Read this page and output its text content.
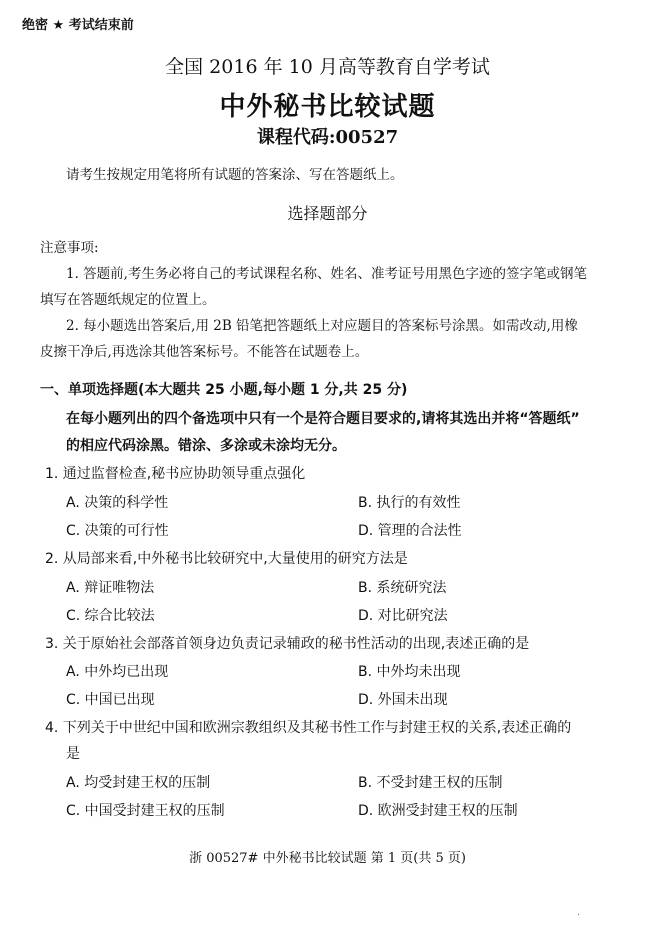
绝密 ★ 考试结束前
全国 2016 年 10 月高等教育自学考试
中外秘书比较试题
课程代码:00527
请考生按规定用笔将所有试题的答案涂、写在答题纸上。
选择题部分
注意事项:
1. 答题前,考生务必将自己的考试课程名称、姓名、准考证号用黑色字迹的签字笔或钢笔
填写在答题纸规定的位置上。
2. 每小题选出答案后,用 2B 铅笔把答题纸上对应题目的答案标号涂黑。如需改动,用橡
皮擦干净后,再选涂其他答案标号。不能答在试题卷上。
一、单项选择题(本大题共 25 小题,每小题 1 分,共 25 分)
在每小题列出的四个备选项中只有一个是符合题目要求的,请将其选出并将“答题纸”
的相应代码涂黑。错涂、多涂或未涂均无分。
1. 通过监督检查,秘书应协助领导重点强化
A. 决策的科学性	B. 执行的有效性
C. 决策的可行性	D. 管理的合法性
2. 从局部来看,中外秘书比较研究中,大量使用的研究方法是
A. 辩证唯物法	B. 系统研究法
C. 综合比较法	D. 对比研究法
3. 关于原始社会部落首领身边负责记录辅政的秘书性活动的出现,表述正确的是
A. 中外均已出现	B. 中外均未出现
C. 中国已出现	D. 外国未出现
4. 下列关于中世纪中国和欧洲宗教组织及其秘书性工作与封建王权的关系,表述正确的
是
A. 均受封建王权的压制	B. 不受封建王权的压制
C. 中国受封建王权的压制	D. 欧洲受封建王权的压制
浙 00527# 中外秘书比较试题 第 1 页(共 5 页)
·
